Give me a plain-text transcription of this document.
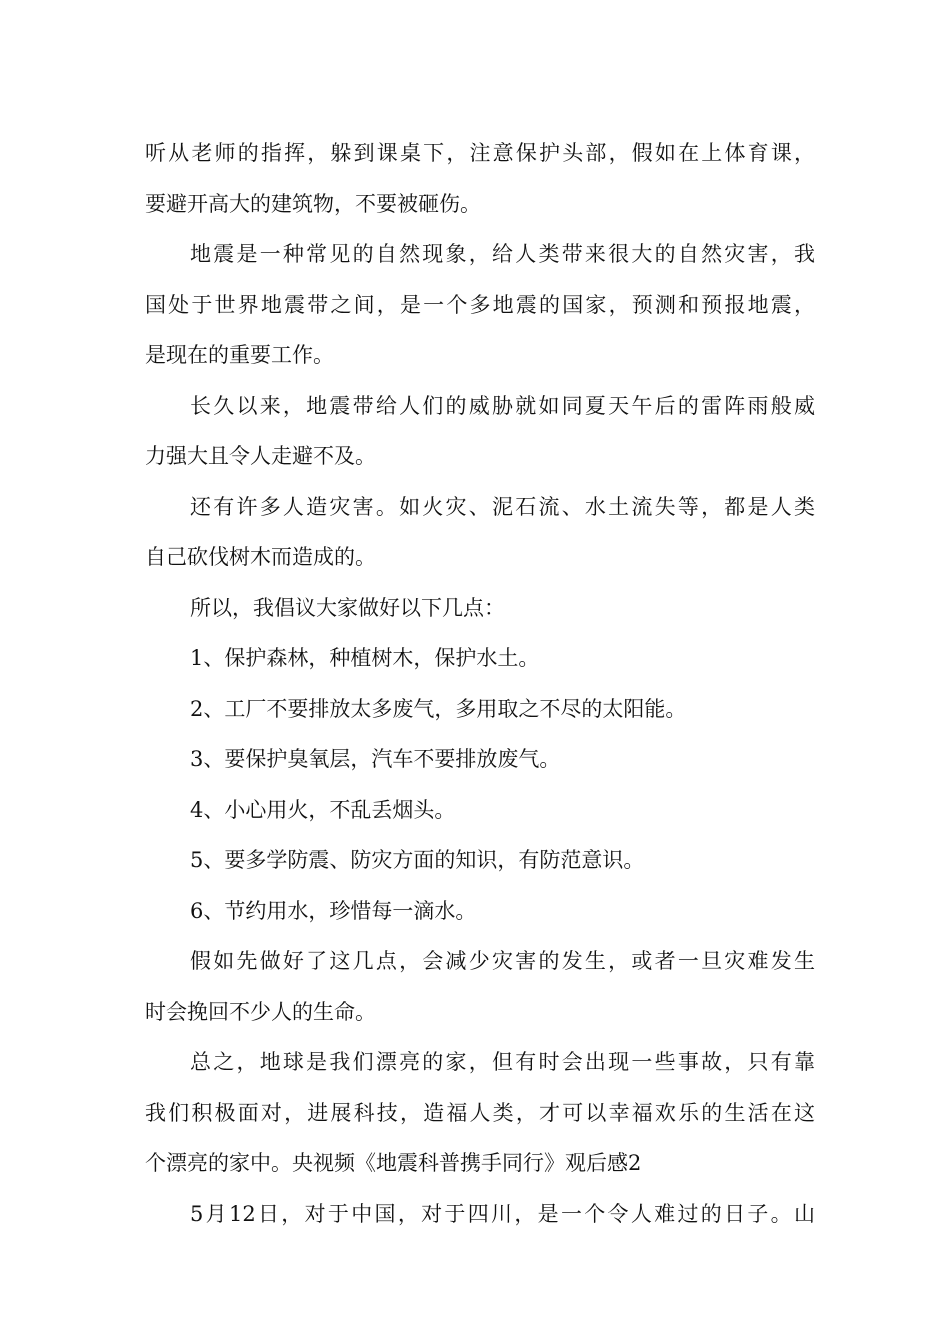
听从老师的指挥，躲到课桌下，注意保护头部，假如在上体育课，
要避开高大的建筑物，不要被砸伤。
地震是一种常见的自然现象，给人类带来很大的自然灾害，我
国处于世界地震带之间，是一个多地震的国家，预测和预报地震，
是现在的重要工作。
长久以来，地震带给人们的威胁就如同夏天午后的雷阵雨般威
力强大且令人走避不及。
还有许多人造灾害。如火灾、泥石流、水土流失等，都是人类
自己砍伐树木而造成的。
所以，我倡议大家做好以下几点：
1、保护森林，种植树木，保护水土。
2、工厂不要排放太多废气，多用取之不尽的太阳能。
3、要保护臭氧层，汽车不要排放废气。
4、小心用火，不乱丢烟头。
5、要多学防震、防灾方面的知识，有防范意识。
6、节约用水，珍惜每一滴水。
假如先做好了这几点，会减少灾害的发生，或者一旦灾难发生
时会挽回不少人的生命。
总之，地球是我们漂亮的家，但有时会出现一些事故，只有靠
我们积极面对，进展科技，造福人类，才可以幸福欢乐的生活在这
个漂亮的家中。央视频《地震科普携手同行》观后感2
5月12日，对于中国，对于四川，是一个令人难过的日子。山
